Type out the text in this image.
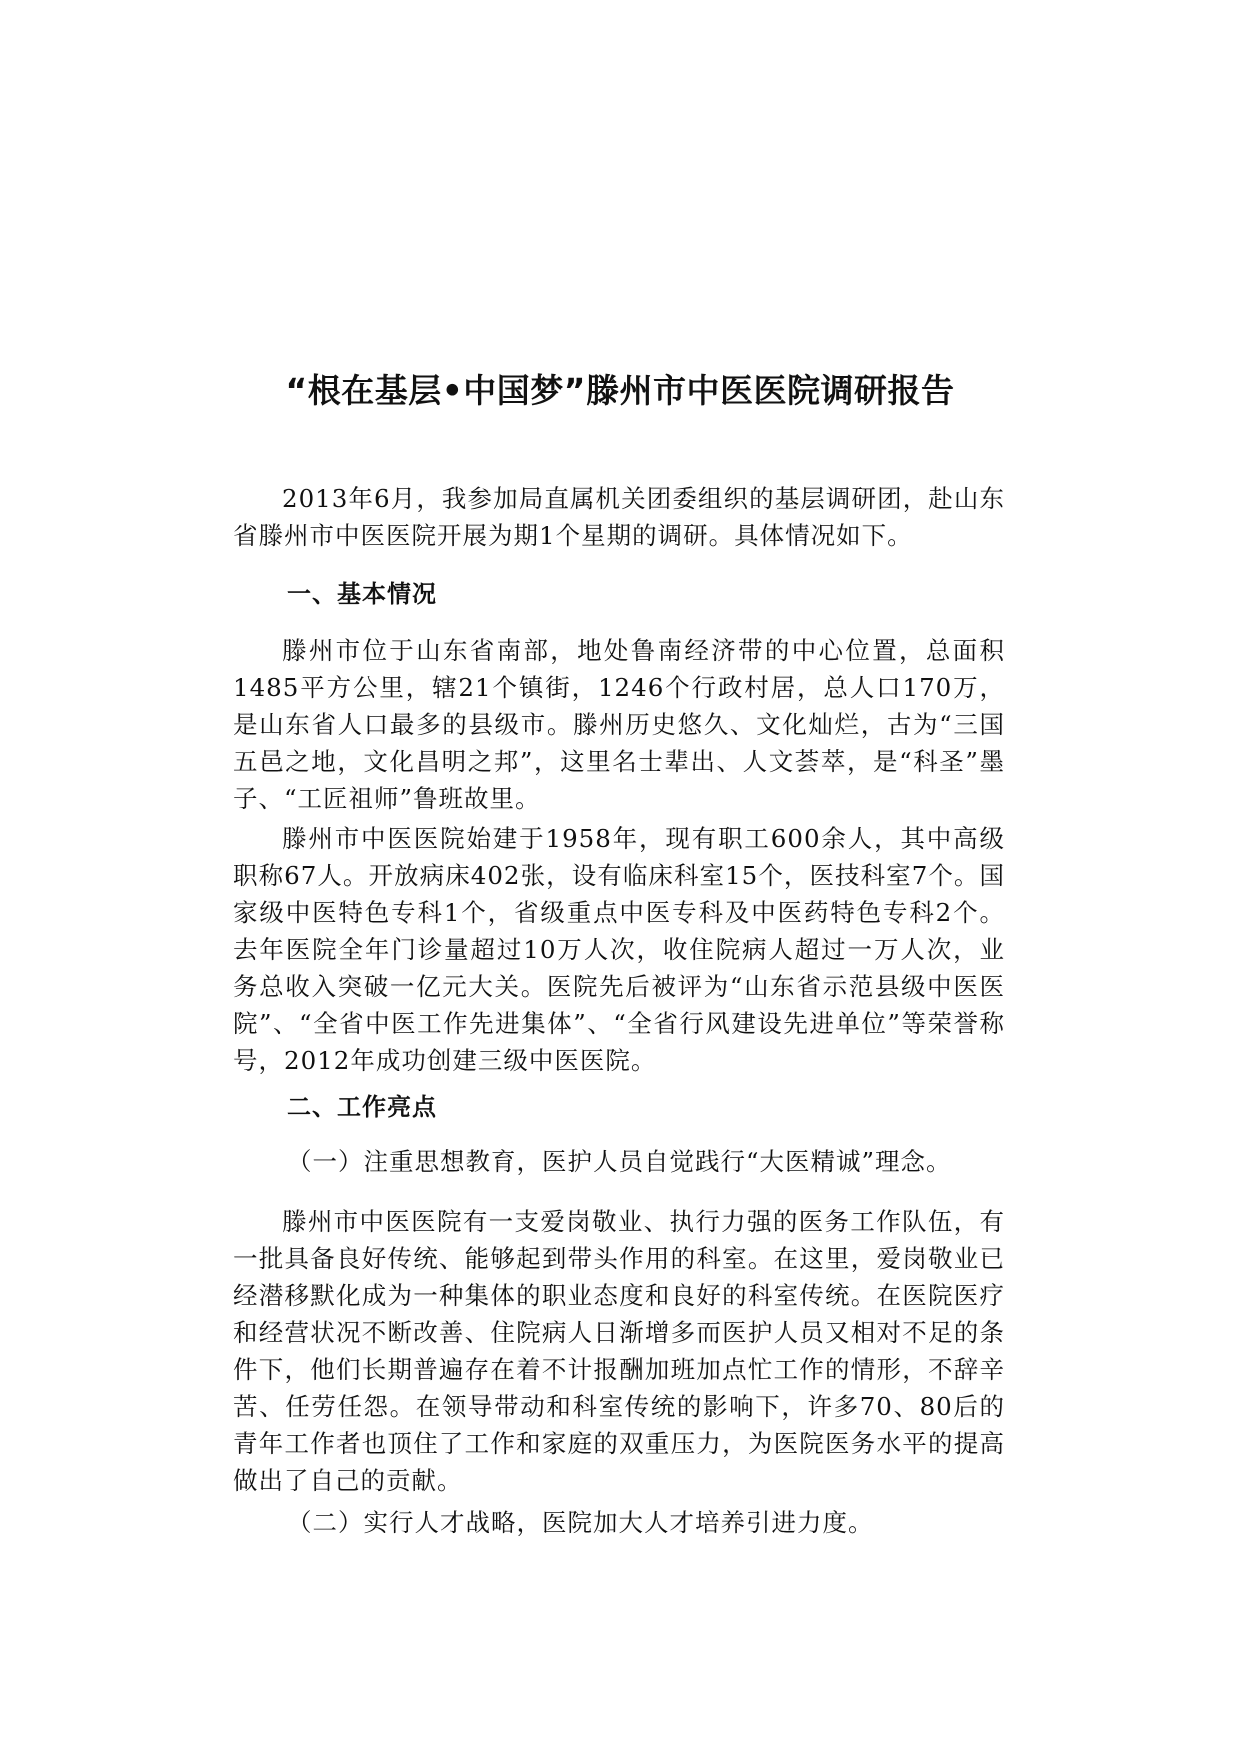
“根在基层•中国梦”滕州市中医医院调研报告

2013年6月，我参加局直属机关团委组织的基层调研团，赴山东省滕州市中医医院开展为期1个星期的调研。具体情况如下。

一、基本情况

滕州市位于山东省南部，地处鲁南经济带的中心位置，总面积1485平方公里，辖21个镇街，1246个行政村居，总人口170万，是山东省人口最多的县级市。滕州历史悠久、文化灿烂，古为“三国五邑之地，文化昌明之邦”，这里名士辈出、人文荟萃，是“科圣”墨子、“工匠祖师”鲁班故里。

滕州市中医医院始建于1958年，现有职工600余人，其中高级职称67人。开放病床402张，设有临床科室15个，医技科室7个。国家级中医特色专科1个，省级重点中医专科及中医药特色专科2个。去年医院全年门诊量超过10万人次，收住院病人超过一万人次，业务总收入突破一亿元大关。医院先后被评为“山东省示范县级中医医院”、“全省中医工作先进集体”、“全省行风建设先进单位”等荣誉称号，2012年成功创建三级中医医院。

二、工作亮点

（一）注重思想教育，医护人员自觉践行“大医精诚”理念。

滕州市中医医院有一支爱岗敬业、执行力强的医务工作队伍，有一批具备良好传统、能够起到带头作用的科室。在这里，爱岗敬业已经潜移默化成为一种集体的职业态度和良好的科室传统。在医院医疗和经营状况不断改善、住院病人日渐增多而医护人员又相对不足的条件下，他们长期普遍存在着不计报酬加班加点忙工作的情形，不辞辛苦、任劳任怨。在领导带动和科室传统的影响下，许多70、80后的青年工作者也顶住了工作和家庭的双重压力，为医院医务水平的提高做出了自己的贡献。

（二）实行人才战略，医院加大人才培养引进力度。
